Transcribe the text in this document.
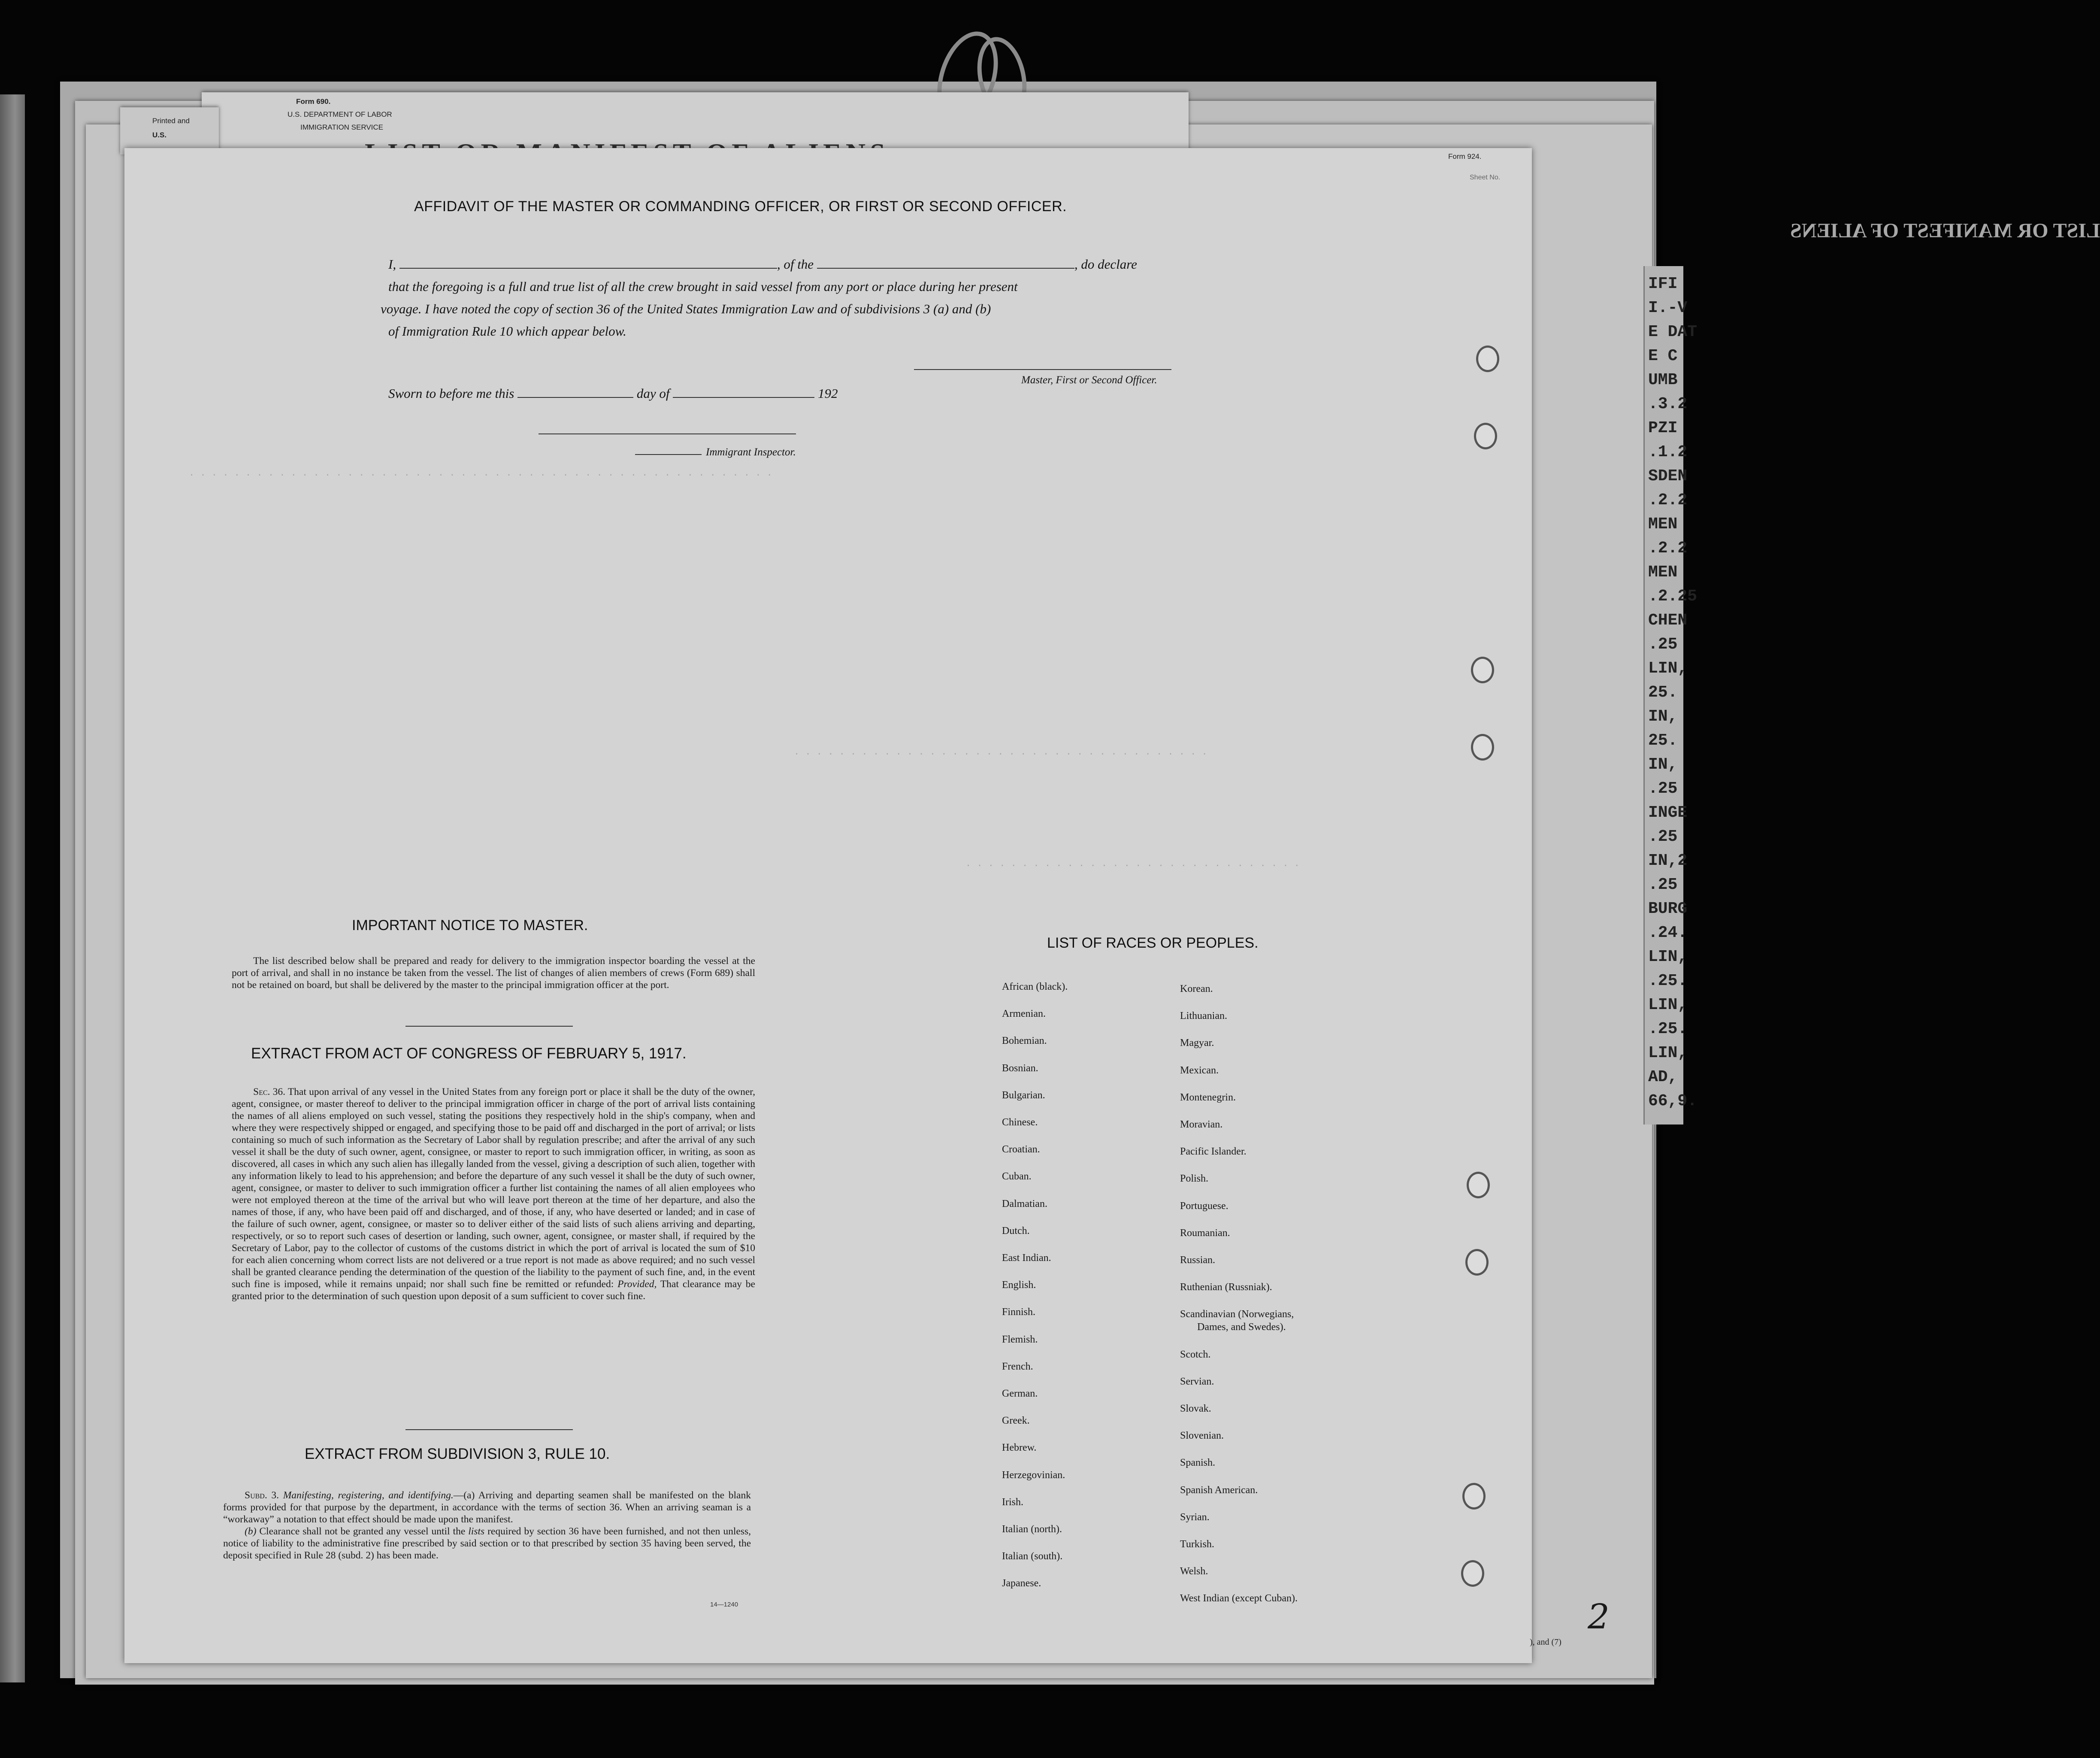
Form 690.
U.S. DEPARTMENT OF LABOR
IMMIGRATION SERVICE
Printed and
U.S.
IFI
I.-V
E DAT
E C
UMB
.3.2
PZI
.1.2
SDEN
.2.2
MEN
.2.2
MEN
.2.25
CHEN
.25
LIN,
25.
IN,
25.
IN,
.25
INGE
.25
IN,2
.25
BURG
.24.
LIN,
.25.
LIN,
.25.
LIN,
AD,
66,9.
LIST OR MANIFEST OF ALIENS
Form 924.
Sheet No.
. . . . . . . . . . . . . . . . . . . . . . . . . . . . . . . . . . . . . . . . . . . . . . . . . . . .
. . . . . . . . . . . . . . . . . . . . . . . . . . . . . . . . . . . . .
. . . . . . . . . . . . . . . . . . . . . . . . . . . . . .
AFFIDAVIT OF THE MASTER OR COMMANDING OFFICER, OR FIRST OR SECOND OFFICER.
I,	, of the	, do declare
that the foregoing is a full and true list of all the crew brought in said vessel from any port or place during her present
voyage. I have noted the copy of section 36 of the United States Immigration Law and of subdivisions 3 (a) and (b)
of Immigration Rule 10 which appear below.
Master, First or Second Officer.
Sworn to before me this	day of	192
Immigrant Inspector.
IMPORTANT NOTICE TO MASTER.
The list described below shall be prepared and ready for delivery to the immigration inspector boarding the vessel at the port of arrival, and shall in no instance be taken from the vessel. The list of changes of alien members of crews (Form 689) shall not be retained on board, but shall be delivered by the master to the principal immigration officer at the port.
EXTRACT FROM ACT OF CONGRESS OF FEBRUARY 5, 1917.
Sec. 36. That upon arrival of any vessel in the United States from any foreign port or place it shall be the duty of the owner, agent, consignee, or master thereof to deliver to the principal immigration officer in charge of the port of arrival lists containing the names of all aliens employed on such vessel, stating the positions they respectively hold in the ship's company, when and where they were respectively shipped or engaged, and specifying those to be paid off and discharged in the port of arrival; or lists containing so much of such information as the Secretary of Labor shall by regulation prescribe; and after the arrival of any such vessel it shall be the duty of such owner, agent, consignee, or master to report to such immigration officer, in writing, as soon as discovered, all cases in which any such alien has illegally landed from the vessel, giving a description of such alien, together with any information likely to lead to his apprehension; and before the departure of any such vessel it shall be the duty of such owner, agent, consignee, or master to deliver to such immigration officer a further list containing the names of all alien employees who were not employed thereon at the time of the arrival but who will leave port thereon at the time of her departure, and also the names of those, if any, who have been paid off and discharged, and of those, if any, who have deserted or landed; and in case of the failure of such owner, agent, consignee, or master so to deliver either of the said lists of such aliens arriving and departing, respectively, or so to report such cases of desertion or landing, such owner, agent, consignee, or master shall, if required by the Secretary of Labor, pay to the collector of customs of the customs district in which the port of arrival is located the sum of $10 for each alien concerning whom correct lists are not delivered or a true report is not made as above required; and no such vessel shall be granted clearance pending the determination of the question of the liability to the payment of such fine, and, in the event such fine is imposed, while it remains unpaid; nor shall such fine be remitted or refunded: Provided, That clearance may be granted prior to the determination of such question upon deposit of a sum sufficient to cover such fine.
EXTRACT FROM SUBDIVISION 3, RULE 10.
Subd. 3. Manifesting, registering, and identifying.—(a) Arriving and departing seamen shall be manifested on the blank forms provided for that purpose by the department, in accordance with the terms of section 36. When an arriving seaman is a “workaway” a notation to that effect should be made upon the manifest.
(b) Clearance shall not be granted any vessel until the lists required by section 36 have been furnished, and not then unless, notice of liability to the administrative fine prescribed by said section or to that prescribed by section 35 having been served, the deposit specified in Rule 28 (subd. 2) has been made.
14—1240
LIST OF RACES OR PEOPLES.
African (black).
Armenian.
Bohemian.
Bosnian.
Bulgarian.
Chinese.
Croatian.
Cuban.
Dalmatian.
Dutch.
East Indian.
English.
Finnish.
Flemish.
French.
German.
Greek.
Hebrew.
Herzegovinian.
Irish.
Italian (north).
Italian (south).
Japanese.
Korean.
Lithuanian.
Magyar.
Mexican.
Montenegrin.
Moravian.
Pacific Islander.
Polish.
Portuguese.
Roumanian.
Russian.
Ruthenian (Russniak).
Scandinavian (Norwegians,
Dames, and Swedes).
Scotch.
Servian.
Slovak.
Slovenian.
Spanish.
Spanish American.
Syrian.
Turkish.
Welsh.
West Indian (except Cuban).
), and (7)
2
